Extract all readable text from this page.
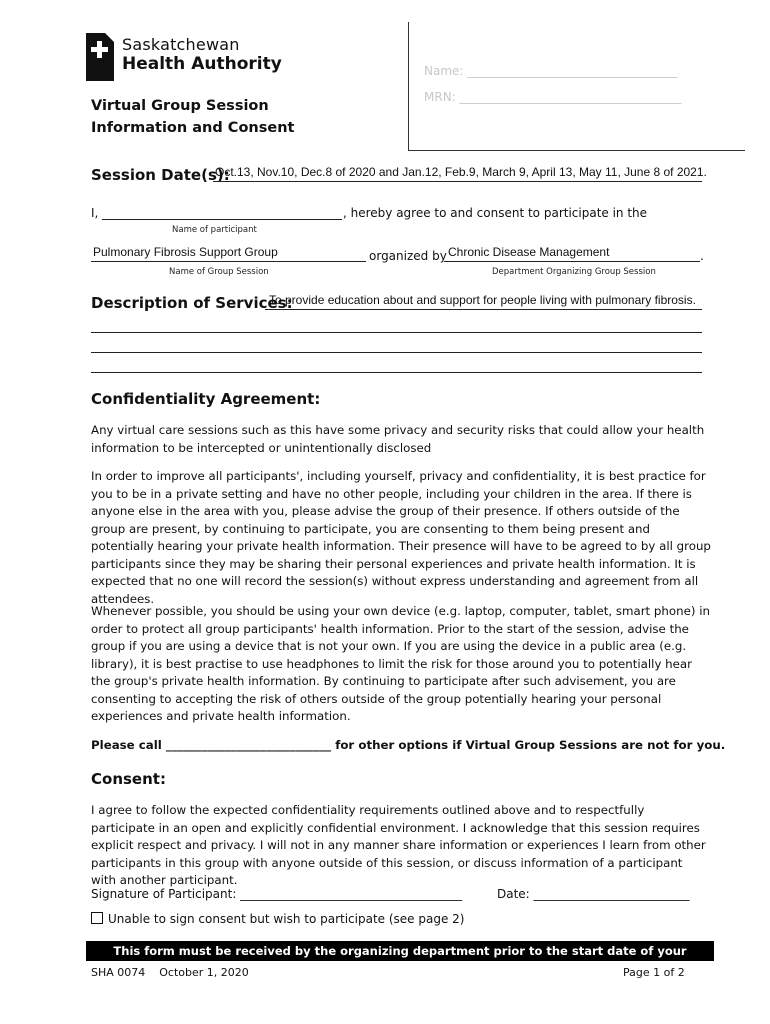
Saskatchewan
Health Authority
Virtual Group Session
Information and Consent
Name: ___________________________________
MRN: _____________________________________
Session Date(s):
Oct.13, Nov.10, Dec.8 of 2020 and Jan.12, Feb.9, March 9, April 13, May 11, June 8 of 2021.
I,	, hereby agree to and consent to participate in the
Name of participant
Pulmonary Fibrosis Support Group	organized by Chronic Disease Management	.
Name of Group Session	Department Organizing Group Session
Description of Services:
To provide education about and support for people living with pulmonary fibrosis.
Confidentiality Agreement:
Any virtual care sessions such as this have some privacy and security risks that could allow your health information to be intercepted or unintentionally disclosed
In order to improve all participants', including yourself, privacy and confidentiality, it is best practice for you to be in a private setting and have no other people, including your children in the area. If there is anyone else in the area with you, please advise the group of their presence. If others outside of the group are present, by continuing to participate, you are consenting to them being present and potentially hearing your private health information. Their presence will have to be agreed to by all group participants since they may be sharing their personal experiences and private health information. It is expected that no one will record the session(s) without express understanding and agreement from all attendees.
Whenever possible, you should be using your own device (e.g. laptop, computer, tablet, smart phone) in order to protect all group participants' health information. Prior to the start of the session, advise the group if you are using a device that is not your own. If you are using the device in a public area (e.g. library), it is best practise to use headphones to limit the risk for those around you to potentially hear the group's private health information. By continuing to participate after such advisement, you are consenting to accepting the risk of others outside of the group potentially hearing your personal experiences and private health information.
Please call ____________________________ for other options if Virtual Group Sessions are not for you.
Consent:
I agree to follow the expected confidentiality requirements outlined above and to respectfully participate in an open and explicitly confidential environment. I acknowledge that this session requires explicit respect and privacy. I will not in any manner share information or experiences I learn from other participants in this group with anyone outside of this session, or discuss information of a participant with another participant.
Signature of Participant: _____________________________________	Date: __________________________
Unable to sign consent but wish to participate (see page 2)
This form must be received by the organizing department prior to the start date of your attendance
SHA 0074    October 1, 2020	Page 1 of 2
